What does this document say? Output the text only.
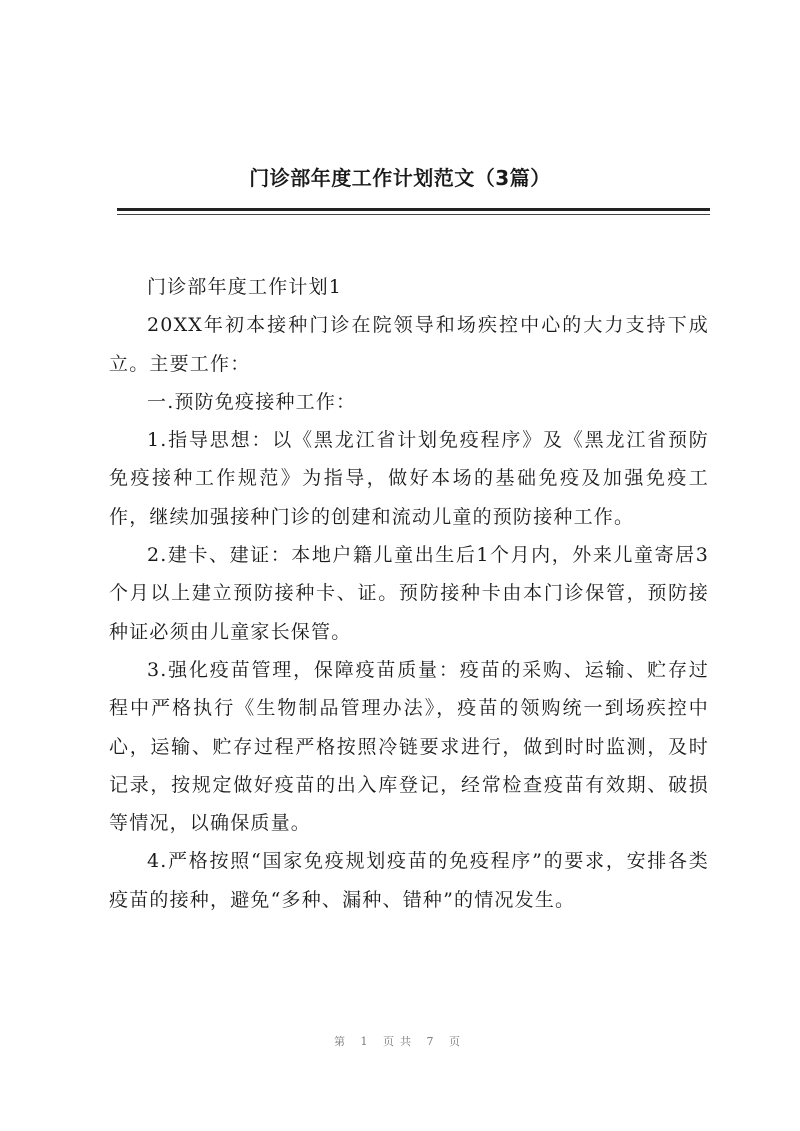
门诊部年度工作计划范文（3篇）

门诊部年度工作计划1

20XX年初本接种门诊在院领导和场疾控中心的大力支持下成立。主要工作：

一.预防免疫接种工作：

1.指导思想：以《黑龙江省计划免疫程序》及《黑龙江省预防免疫接种工作规范》为指导，做好本场的基础免疫及加强免疫工作，继续加强接种门诊的创建和流动儿童的预防接种工作。

2.建卡、建证：本地户籍儿童出生后1个月内，外来儿童寄居3个月以上建立预防接种卡、证。预防接种卡由本门诊保管，预防接种证必须由儿童家长保管。

3.强化疫苗管理，保障疫苗质量：疫苗的采购、运输、贮存过程中严格执行《生物制品管理办法》，疫苗的领购统一到场疾控中心，运输、贮存过程严格按照冷链要求进行，做到时时监测，及时记录，按规定做好疫苗的出入库登记，经常检查疫苗有效期、破损等情况，以确保质量。

4.严格按照“国家免疫规划疫苗的免疫程序”的要求，安排各类疫苗的接种，避免“多种、漏种、错种”的情况发生。

第 1 页共 7 页
